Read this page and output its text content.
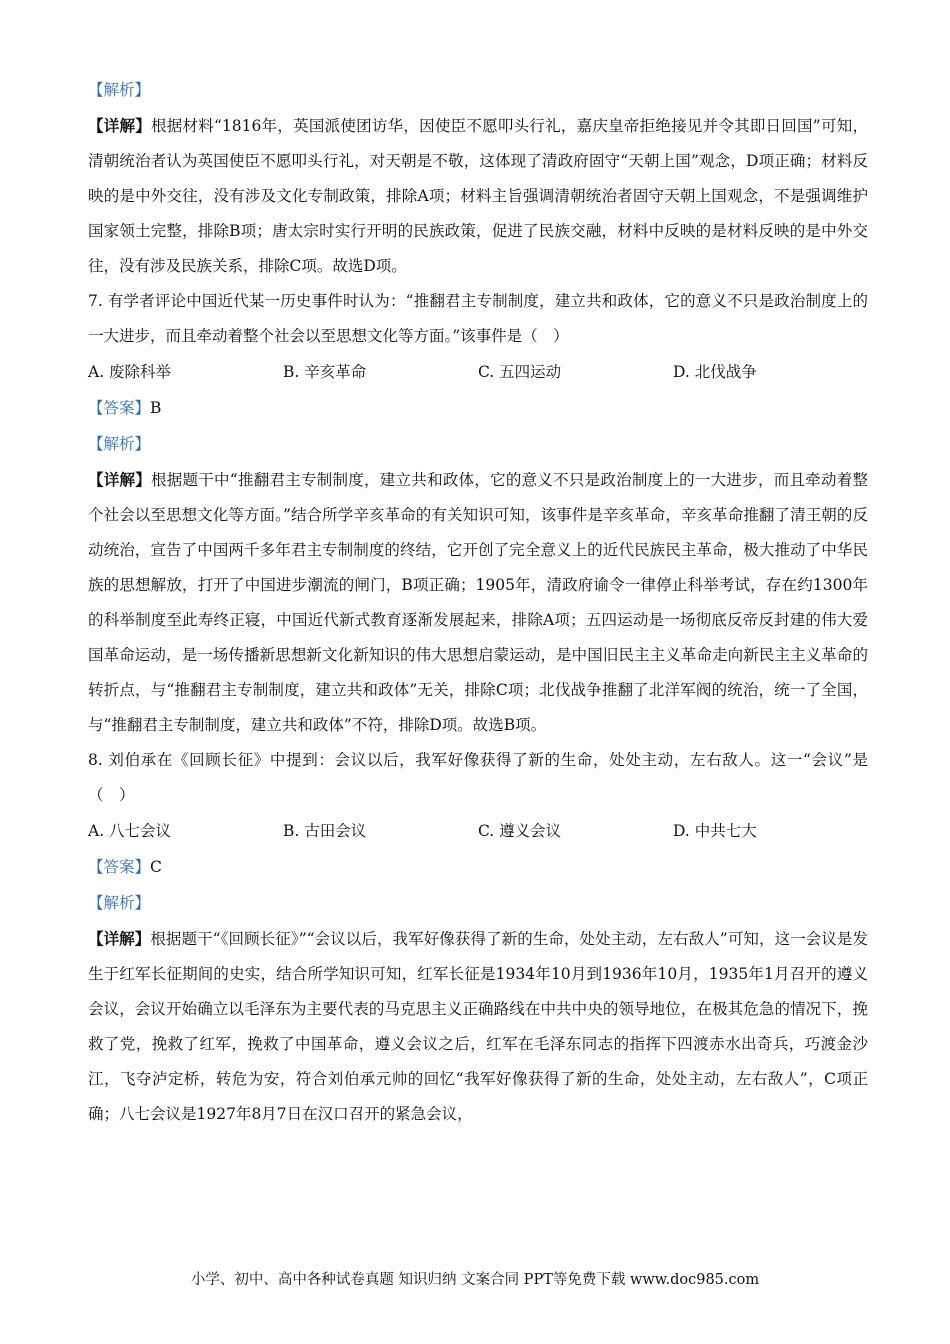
【解析】

【详解】根据材料“1816年，英国派使团访华，因使臣不愿叩头行礼，嘉庆皇帝拒绝接见并令其即日回国”可知，清朝统治者认为英国使臣不愿叩头行礼，对天朝是不敬，这体现了清政府固守“天朝上国”观念，D项正确；材料反映的是中外交往，没有涉及文化专制政策，排除A项；材料主旨强调清朝统治者固守天朝上国观念，不是强调维护国家领土完整，排除B项；唐太宗时实行开明的民族政策，促进了民族交融，材料中反映的是材料反映的是中外交往，没有涉及民族关系，排除C项。故选D项。

7. 有学者评论中国近代某一历史事件时认为：“推翻君主专制制度，建立共和政体，它的意义不只是政治制度上的一大进步，而且牵动着整个社会以至思想文化等方面。”该事件是（　）

A. 废除科举	B. 辛亥革命	C. 五四运动	D. 北伐战争
【答案】B
【解析】

【详解】根据题干中“推翻君主专制制度，建立共和政体，它的意义不只是政治制度上的一大进步，而且牵动着整个社会以至思想文化等方面。”结合所学辛亥革命的有关知识可知，该事件是辛亥革命，辛亥革命推翻了清王朝的反动统治，宣告了中国两千多年君主专制制度的终结，它开创了完全意义上的近代民族民主革命，极大推动了中华民族的思想解放，打开了中国进步潮流的闸门，B项正确；1905年，清政府谕令一律停止科举考试，存在约1300年的科举制度至此寿终正寝，中国近代新式教育逐渐发展起来，排除A项；五四运动是一场彻底反帝反封建的伟大爱国革命运动，是一场传播新思想新文化新知识的伟大思想启蒙运动，是中国旧民主主义革命走向新民主主义革命的转折点，与“推翻君主专制制度，建立共和政体”无关，排除C项；北伐战争推翻了北洋军阀的统治，统一了全国，与“推翻君主专制制度，建立共和政体”不符，排除D项。故选B项。

8. 刘伯承在《回顾长征》中提到：会议以后，我军好像获得了新的生命，处处主动，左右敌人。这一“会议”是（　）

A. 八七会议	B. 古田会议	C. 遵义会议	D. 中共七大
【答案】C
【解析】

【详解】根据题干“《回顾长征》”“会议以后，我军好像获得了新的生命，处处主动，左右敌人”可知，这一会议是发生于红军长征期间的史实，结合所学知识可知，红军长征是1934年10月到1936年10月，1935年1月召开的遵义会议，会议开始确立以毛泽东为主要代表的马克思主义正确路线在中共中央的领导地位，在极其危急的情况下，挽救了党，挽救了红军，挽救了中国革命，遵义会议之后，红军在毛泽东同志的指挥下四渡赤水出奇兵，巧渡金沙江，飞夺泸定桥，转危为安，符合刘伯承元帅的回忆“我军好像获得了新的生命，处处主动，左右敌人”，C项正确；八七会议是1927年8月7日在汉口召开的紧急会议，

小学、初中、高中各种试卷真题 知识归纳 文案合同 PPT等免费下载 www.doc985.com
